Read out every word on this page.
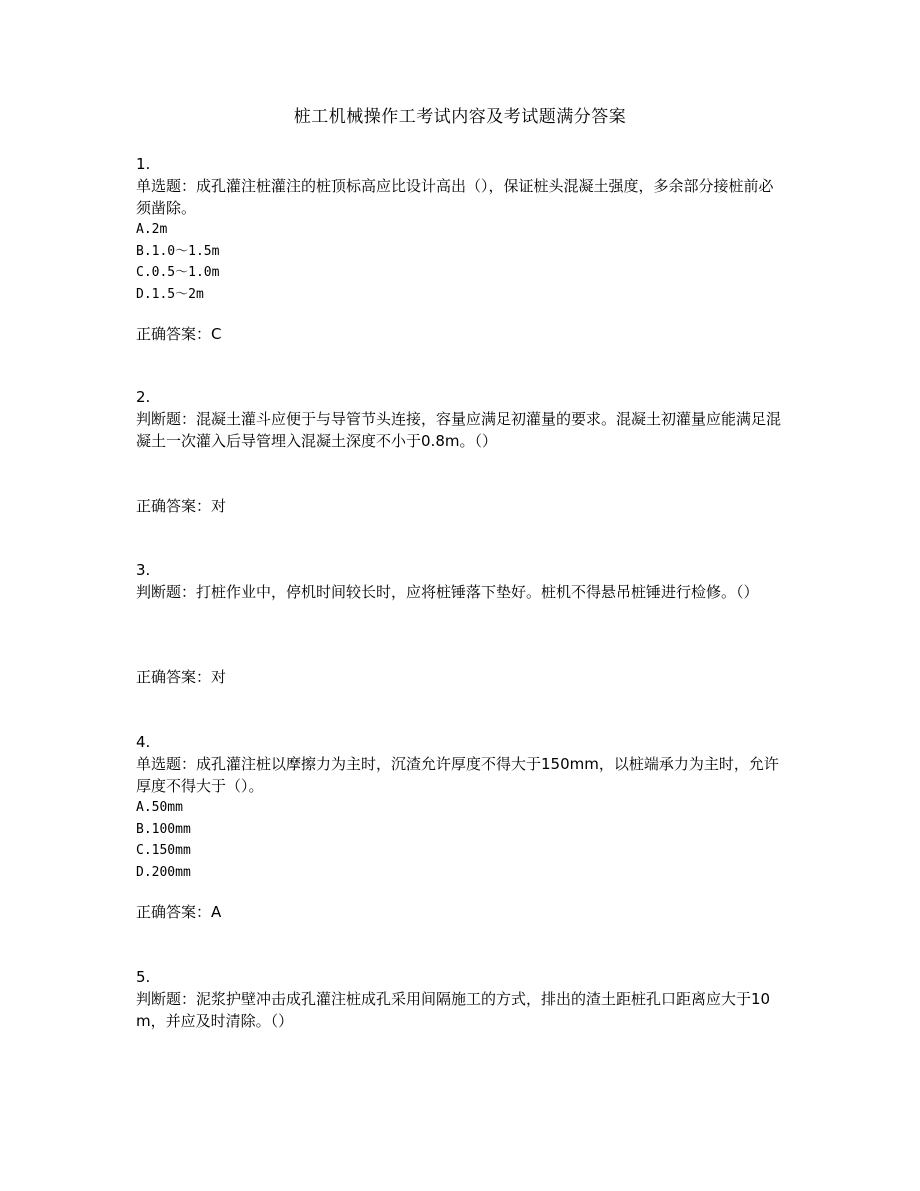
桩工机械操作工考试内容及考试题满分答案
1.
单选题：成孔灌注桩灌注的桩顶标高应比设计高出（），保证桩头混凝土强度，多余部分接桩前必须凿除。
A.2m
B.1.0～1.5m
C.0.5～1.0m
D.1.5～2m
正确答案：C
2.
判断题：混凝土灌斗应便于与导管节头连接，容量应满足初灌量的要求。混凝土初灌量应能满足混凝土一次灌入后导管埋入混凝土深度不小于0.8m。（）
正确答案：对
3.
判断题：打桩作业中，停机时间较长时，应将桩锤落下垫好。桩机不得悬吊桩锤进行检修。（）
正确答案：对
4.
单选题：成孔灌注桩以摩擦力为主时，沉渣允许厚度不得大于150mm，以桩端承力为主时，允许厚度不得大于（）。
A.50mm
B.100mm
C.150mm
D.200mm
正确答案：A
5.
判断题：泥浆护壁冲击成孔灌注桩成孔采用间隔施工的方式，排出的渣土距桩孔口距离应大于10m，并应及时清除。（）
